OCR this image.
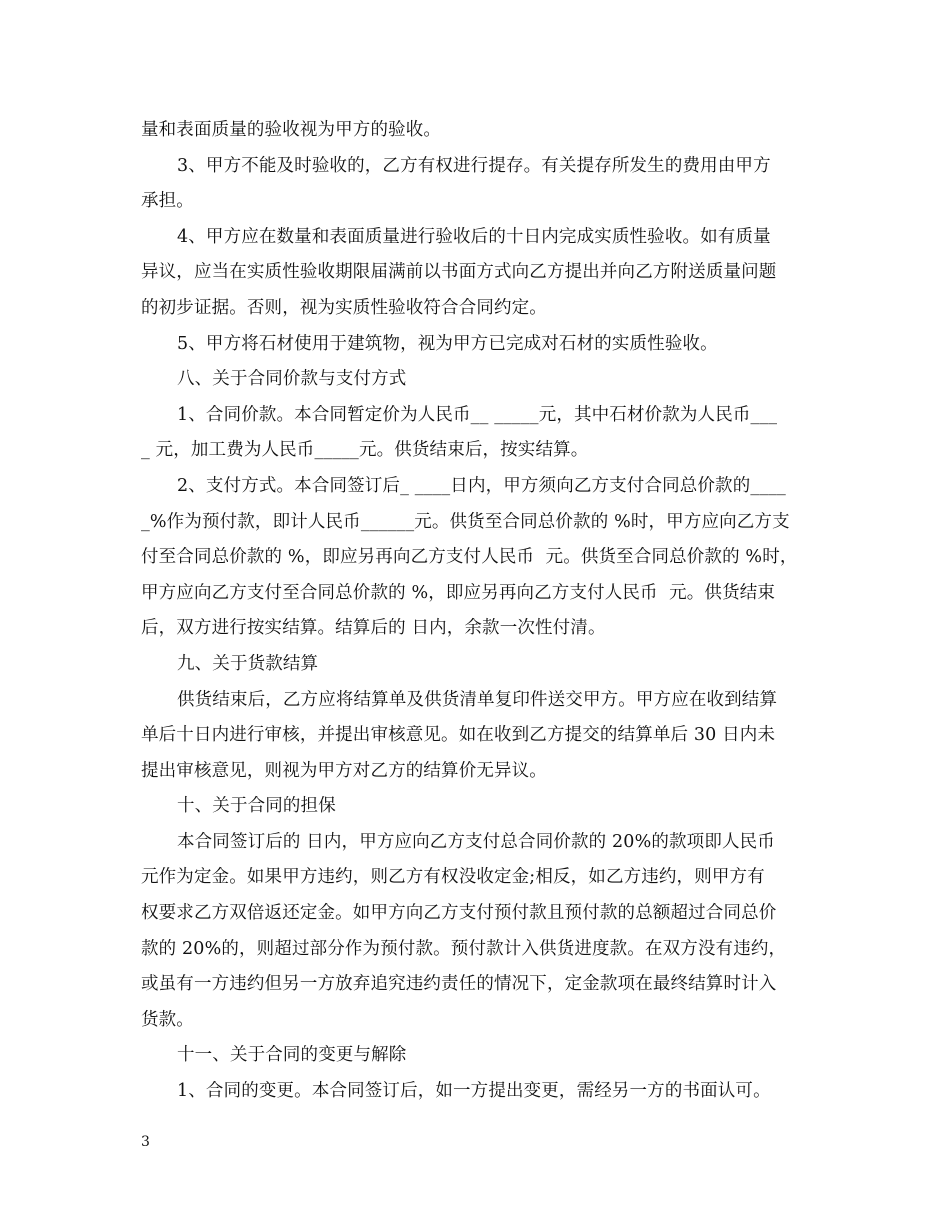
量和表面质量的验收视为甲方的验收。
3、甲方不能及时验收的，乙方有权进行提存。有关提存所发生的费用由甲方
承担。
4、甲方应在数量和表面质量进行验收后的十日内完成实质性验收。如有质量
异议，应当在实质性验收期限届满前以书面方式向乙方提出并向乙方附送质量问题
的初步证据。否则，视为实质性验收符合合同约定。
5、甲方将石材使用于建筑物，视为甲方已完成对石材的实质性验收。
八、关于合同价款与支付方式
1、合同价款。本合同暂定价为人民币__ _____元，其中石材价款为人民币___
_ 元，加工费为人民币_____元。供货结束后，按实结算。
2、支付方式。本合同签订后_ ____日内，甲方须向乙方支付合同总价款的____
_%作为预付款，即计人民币______元。供货至合同总价款的 %时，甲方应向乙方支
付至合同总价款的 %，即应另再向乙方支付人民币  元。供货至合同总价款的 %时，
甲方应向乙方支付至合同总价款的 %，即应另再向乙方支付人民币  元。供货结束
后，双方进行按实结算。结算后的 日内，余款一次性付清。
九、关于货款结算
供货结束后，乙方应将结算单及供货清单复印件送交甲方。甲方应在收到结算
单后十日内进行审核，并提出审核意见。如在收到乙方提交的结算单后 30 日内未
提出审核意见，则视为甲方对乙方的结算价无异议。
十、关于合同的担保
本合同签订后的 日内，甲方应向乙方支付总合同价款的 20%的款项即人民币
元作为定金。如果甲方违约，则乙方有权没收定金;相反，如乙方违约，则甲方有
权要求乙方双倍返还定金。如甲方向乙方支付预付款且预付款的总额超过合同总价
款的 20%的，则超过部分作为预付款。预付款计入供货进度款。在双方没有违约，
或虽有一方违约但另一方放弃追究违约责任的情况下，定金款项在最终结算时计入
货款。
十一、关于合同的变更与解除
1、合同的变更。本合同签订后，如一方提出变更，需经另一方的书面认可。
3
